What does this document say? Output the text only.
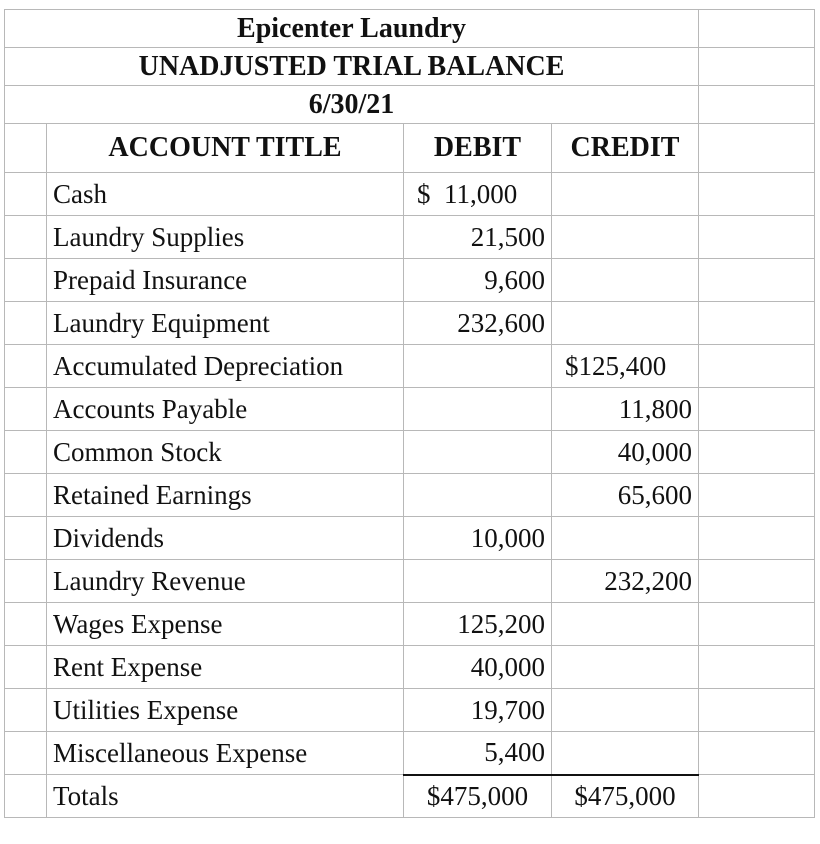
Epicenter Laundry				
UNADJUSTED TRIAL BALANCE				
6/30/21				
	ACCOUNT TITLE	DEBIT	CREDIT	
	Cash	$  11,000		
	Laundry Supplies	21,500		
	Prepaid Insurance	9,600		
	Laundry Equipment	232,600		
	Accumulated Depreciation		$125,400	
	Accounts Payable		11,800	
	Common Stock		40,000	
	Retained Earnings		65,600	
	Dividends	10,000		
	Laundry Revenue		232,200	
	Wages Expense	125,200		
	Rent Expense	40,000		
	Utilities Expense	19,700		
	Miscellaneous Expense	5,400		
	Totals	$475,000	$475,000	
